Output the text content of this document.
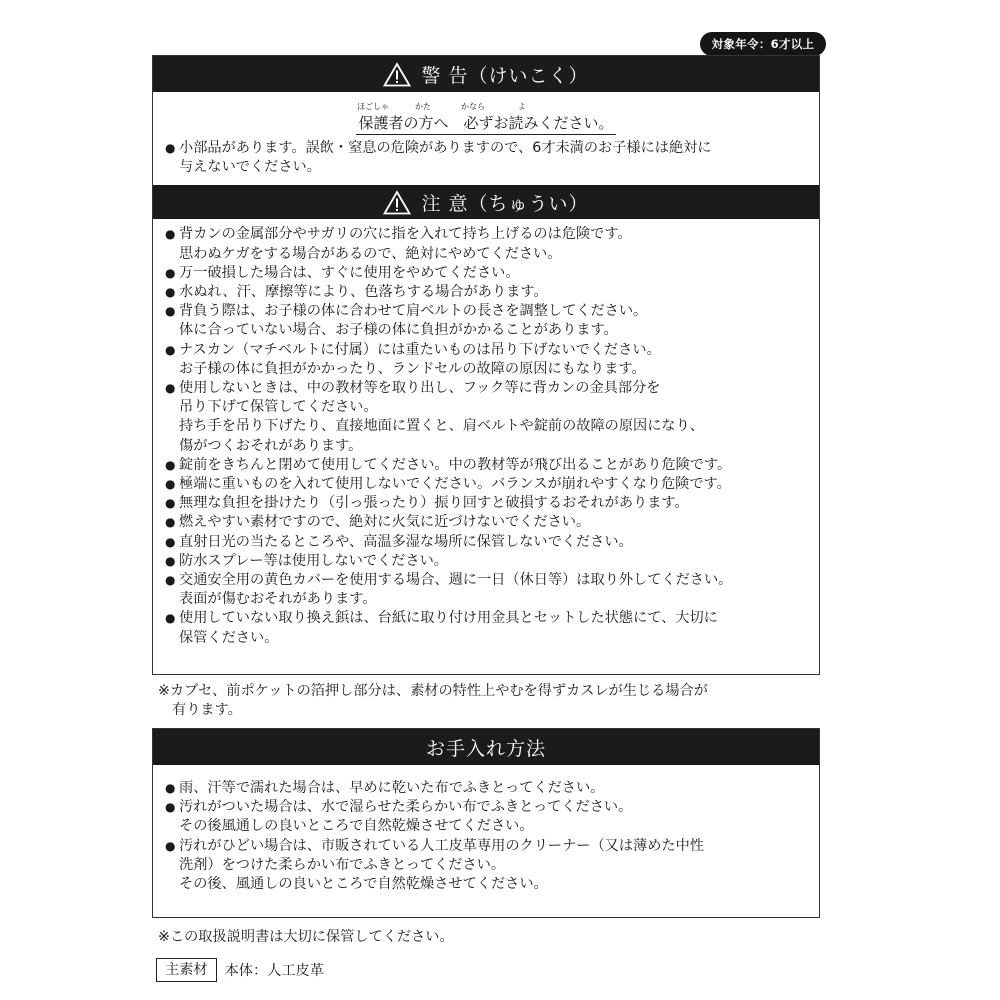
対象年令：6才以上
警 告（けいこく）
ほごしゃ	かた	かなら	よ
保護者の方へ　必ずお読みください。
● 小部品があります。誤飲・窒息の危険がありますので、6才未満のお子様には絶対に
与えないでください。
注 意（ちゅうい）
● 背カンの金属部分やサガリの穴に指を入れて持ち上げるのは危険です。
思わぬケガをする場合があるので、絶対にやめてください。
● 万一破損した場合は、すぐに使用をやめてください。
● 水ぬれ、汗、摩擦等により、色落ちする場合があります。
● 背負う際は、お子様の体に合わせて肩ベルトの長さを調整してください。
体に合っていない場合、お子様の体に負担がかかることがあります。
● ナスカン（マチベルトに付属）には重たいものは吊り下げないでください。
お子様の体に負担がかかったり、ランドセルの故障の原因にもなります。
● 使用しないときは、中の教材等を取り出し、フック等に背カンの金具部分を
吊り下げて保管してください。
持ち手を吊り下げたり、直接地面に置くと、肩ベルトや錠前の故障の原因になり、
傷がつくおそれがあります。
● 錠前をきちんと閉めて使用してください。中の教材等が飛び出ることがあり危険です。
● 極端に重いものを入れて使用しないでください。バランスが崩れやすくなり危険です。
● 無理な負担を掛けたり（引っ張ったり）振り回すと破損するおそれがあります。
● 燃えやすい素材ですので、絶対に火気に近づけないでください。
● 直射日光の当たるところや、高温多湿な場所に保管しないでください。
● 防水スプレー等は使用しないでください。
● 交通安全用の黄色カバーを使用する場合、週に一日（休日等）は取り外してください。
表面が傷むおそれがあります。
● 使用していない取り換え鋲は、台紙に取り付け用金具とセットした状態にて、大切に
保管ください。
※カブセ、前ポケットの箔押し部分は、素材の特性上やむを得ずカスレが生じる場合が
有ります。
お手入れ方法
● 雨、汗等で濡れた場合は、早めに乾いた布でふきとってください。
● 汚れがついた場合は、水で湿らせた柔らかい布でふきとってください。
その後風通しの良いところで自然乾燥させてください。
● 汚れがひどい場合は、市販されている人工皮革専用のクリーナー（又は薄めた中性
洗剤）をつけた柔らかい布でふきとってください。
その後、風通しの良いところで自然乾燥させてください。
※この取扱説明書は大切に保管してください。
主素材	本体：人工皮革
